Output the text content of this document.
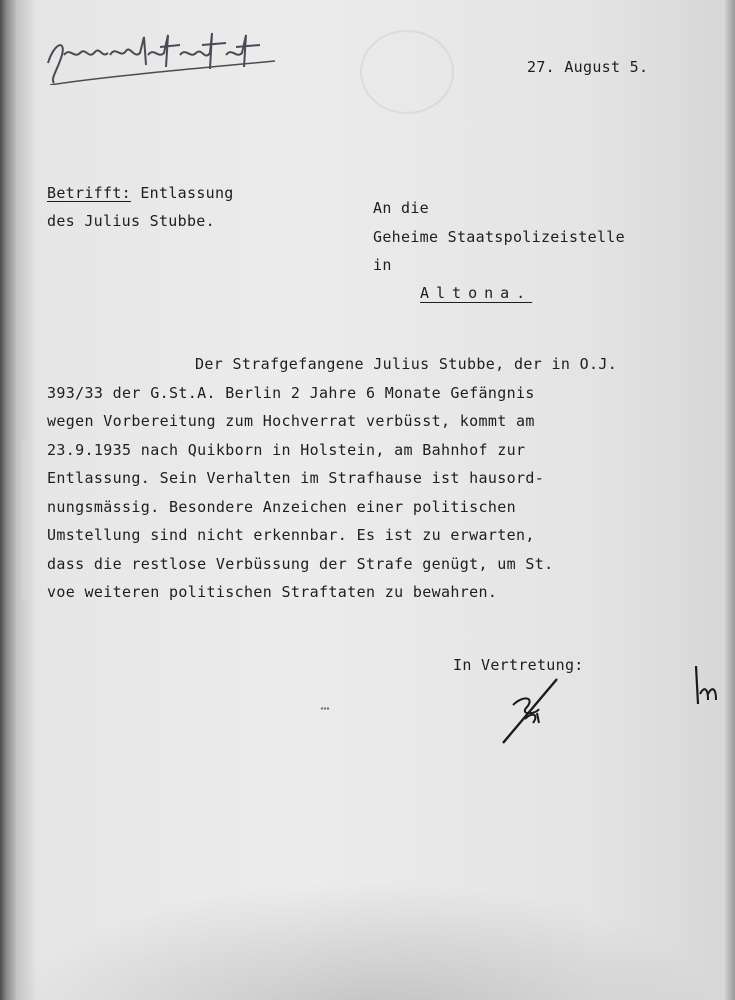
27. August 5.
Betrifft: Entlassung
des Julius Stubbe.
An die
Geheime Staatspolizeistelle
in
Altona.
Der Strafgefangene Julius Stubbe, der in O.J.
393/33 der G.St.A. Berlin 2 Jahre 6 Monate Gefängnis
wegen Vorbereitung zum Hochverrat verbüsst, kommt am
23.9.1935 nach Quikborn in Holstein, am Bahnhof zur
Entlassung. Sein Verhalten im Strafhause ist hausord-
nungsmässig. Besondere Anzeichen einer politischen
Umstellung sind nicht erkennbar. Es ist zu erwarten,
dass die restlose Verbüssung der Strafe genügt, um St.
voe weiteren politischen Straftaten zu bewahren.
In Vertretung:
